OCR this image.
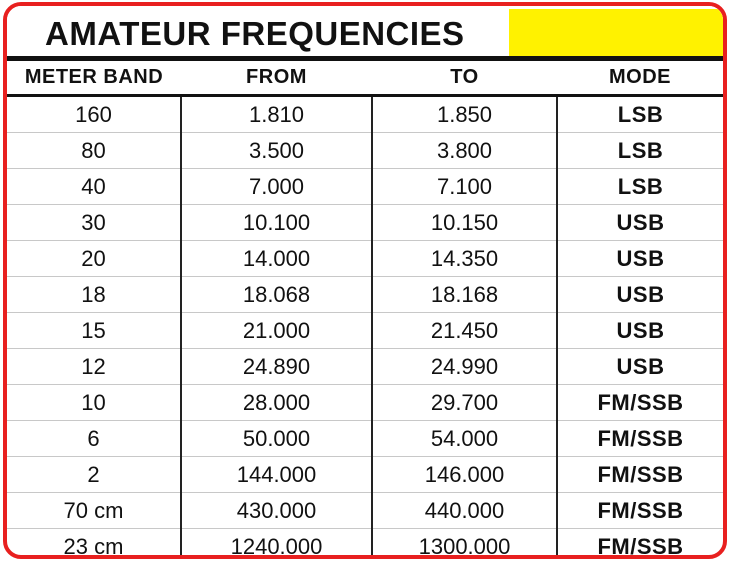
AMATEUR FREQUENCIES
METER BAND	FROM	TO	MODE
160	1.810	1.850	LSB
80	3.500	3.800	LSB
40	7.000	7.100	LSB
30	10.100	10.150	USB
20	14.000	14.350	USB
18	18.068	18.168	USB
15	21.000	21.450	USB
12	24.890	24.990	USB
10	28.000	29.700	FM/SSB
6	50.000	54.000	FM/SSB
2	144.000	146.000	FM/SSB
70 cm	430.000	440.000	FM/SSB
23 cm	1240.000	1300.000	FM/SSB
